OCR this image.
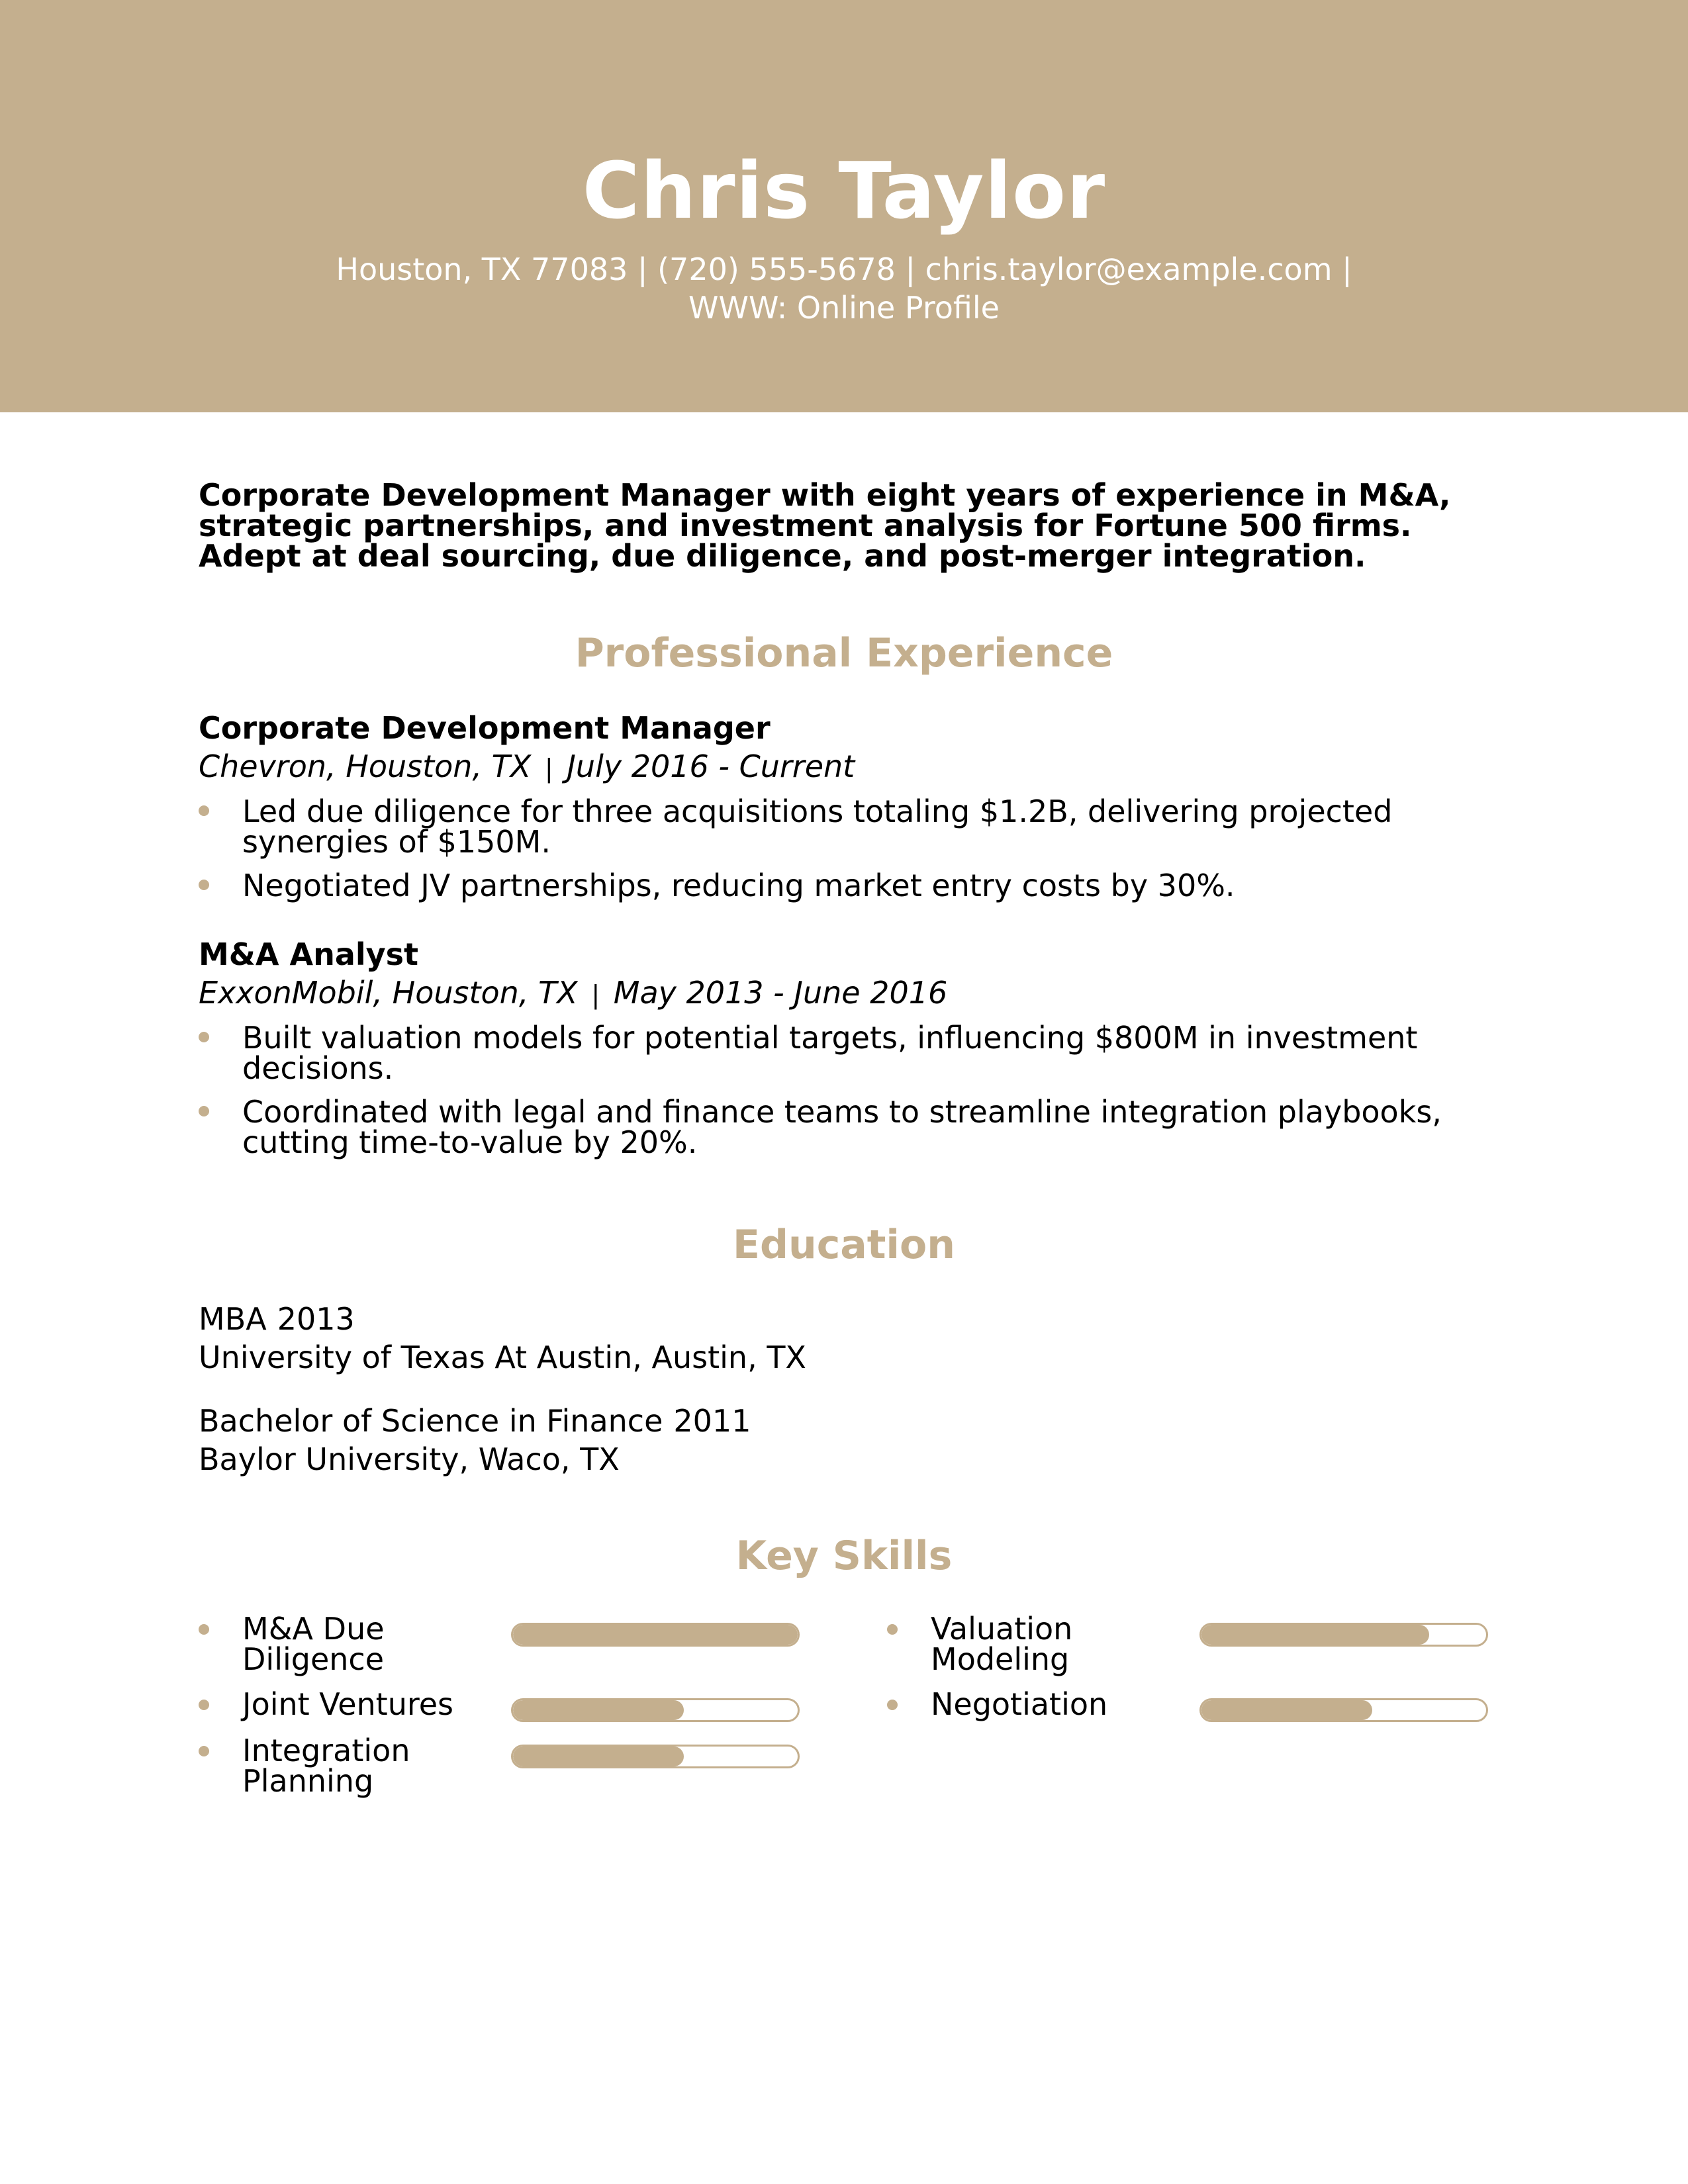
Chris Taylor
Houston, TX 77083 | (720) 555-5678 | chris.taylor@example.com |
WWW: Online Profile
Corporate Development Manager with eight years of experience in M&A, strategic partnerships, and investment analysis for Fortune 500 firms. Adept at deal sourcing, due diligence, and post-merger integration.
Professional Experience
Corporate Development Manager
Chevron, Houston, TX | July 2016 - Current
Led due diligence for three acquisitions totaling $1.2B, delivering projected synergies of $150M.
Negotiated JV partnerships, reducing market entry costs by 30%.
M&A Analyst
ExxonMobil, Houston, TX | May 2013 - June 2016
Built valuation models for potential targets, influencing $800M in investment decisions.
Coordinated with legal and finance teams to streamline integration playbooks, cutting time-to-value by 20%.
Education
MBA 2013
University of Texas At Austin, Austin, TX
Bachelor of Science in Finance 2011
Baylor University, Waco, TX
Key Skills
M&A Due Diligence
Valuation Modeling
Joint Ventures	Negotiation
Integration Planning
